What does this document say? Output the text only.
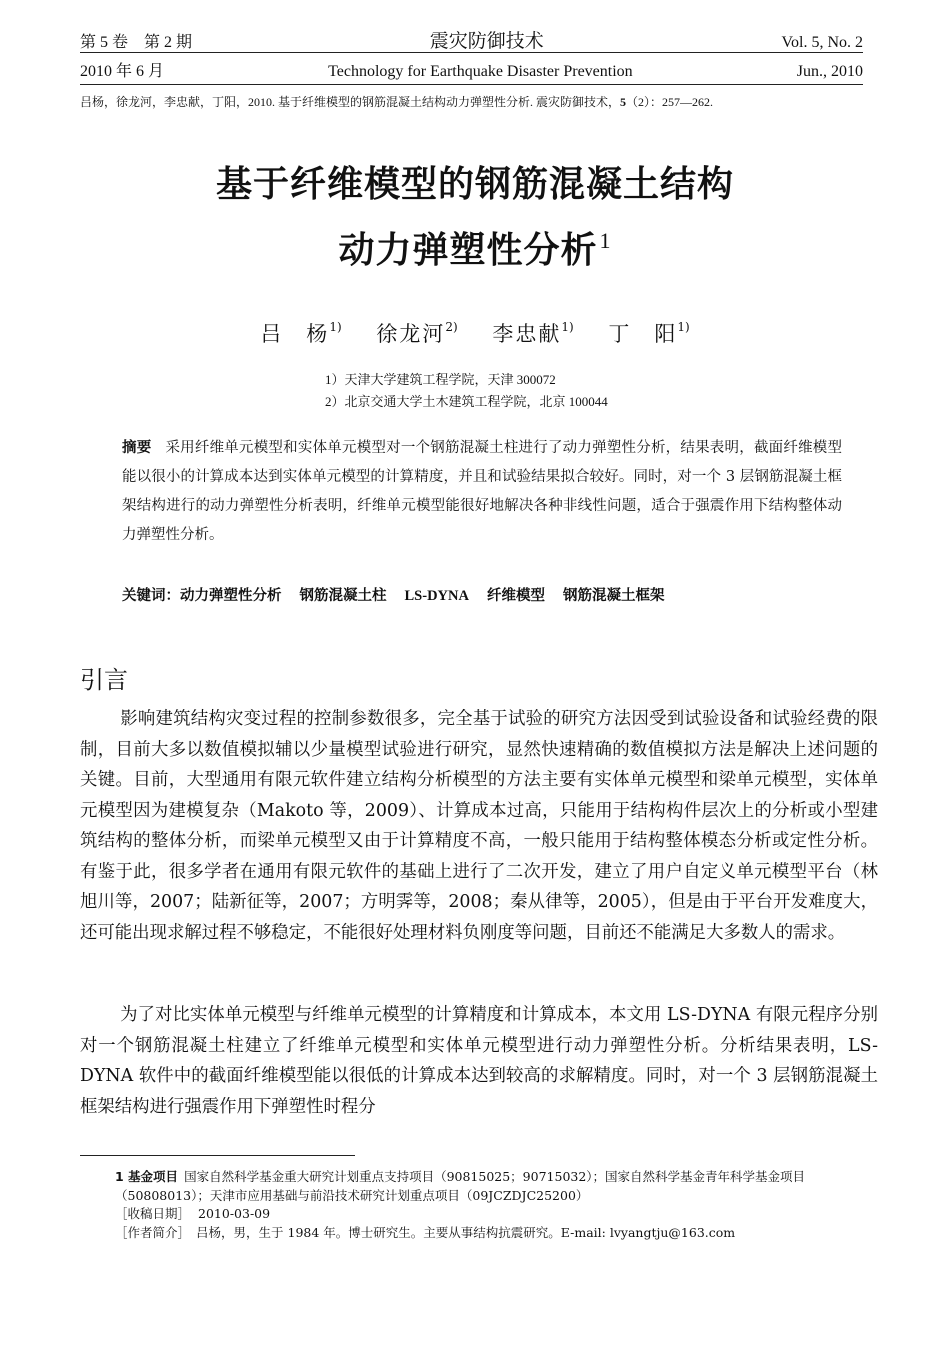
第 5 卷　第 2 期	震灾防御技术	Vol. 5, No. 2
2010 年 6 月	Technology for Earthquake Disaster Prevention	Jun., 2010
吕杨，徐龙河，李忠献，丁阳，2010. 基于纤维模型的钢筋混凝土结构动力弹塑性分析. 震灾防御技术，5（2）：257—262.
基于纤维模型的钢筋混凝土结构
动力弹塑性分析$^1$
吕　杨$^{1)}$ 徐龙河$^{2)}$ 李忠献$^{1)}$ 丁　阳$^{1)}$
1）天津大学建筑工程学院，天津 300072
2）北京交通大学土木建筑工程学院，北京 100044
摘要 采用纤维单元模型和实体单元模型对一个钢筋混凝土柱进行了动力弹塑性分析，结果表明，截面纤维模型能以很小的计算成本达到实体单元模型的计算精度，并且和试验结果拟合较好。同时，对一个 3 层钢筋混凝土框架结构进行的动力弹塑性分析表明，纤维单元模型能很好地解决各种非线性问题，适合于强震作用下结构整体动力弹塑性分析。
关键词：动力弹塑性分析 钢筋混凝土柱 LS-DYNA 纤维模型 钢筋混凝土框架
引言
影响建筑结构灾变过程的控制参数很多，完全基于试验的研究方法因受到试验设备和试验经费的限制，目前大多以数值模拟辅以少量模型试验进行研究，显然快速精确的数值模拟方法是解决上述问题的关键。目前，大型通用有限元软件建立结构分析模型的方法主要有实体单元模型和梁单元模型，实体单元模型因为建模复杂（Makoto 等，2009）、计算成本过高，只能用于结构构件层次上的分析或小型建筑结构的整体分析，而梁单元模型又由于计算精度不高，一般只能用于结构整体模态分析或定性分析。有鉴于此，很多学者在通用有限元软件的基础上进行了二次开发，建立了用户自定义单元模型平台（林旭川等，2007；陆新征等，2007；方明霁等，2008；秦从律等，2005），但是由于平台开发难度大，还可能出现求解过程不够稳定，不能很好处理材料负刚度等问题，目前还不能满足大多数人的需求。
为了对比实体单元模型与纤维单元模型的计算精度和计算成本，本文用 LS-DYNA 有限元程序分别对一个钢筋混凝土柱建立了纤维单元模型和实体单元模型进行动力弹塑性分析。分析结果表明，LS-DYNA 软件中的截面纤维模型能以很低的计算成本达到较高的求解精度。同时，对一个 3 层钢筋混凝土框架结构进行强震作用下弹塑性时程分
1 基金项目 国家自然科学基金重大研究计划重点支持项目（90815025；90715032）；国家自然科学基金青年科学基金项目（50808013）；天津市应用基础与前沿技术研究计划重点项目（09JCZDJC25200）
［收稿日期］ 2010-03-09
［作者简介］ 吕杨，男，生于 1984 年。博士研究生。主要从事结构抗震研究。E-mail: lvyangtju@163.com
